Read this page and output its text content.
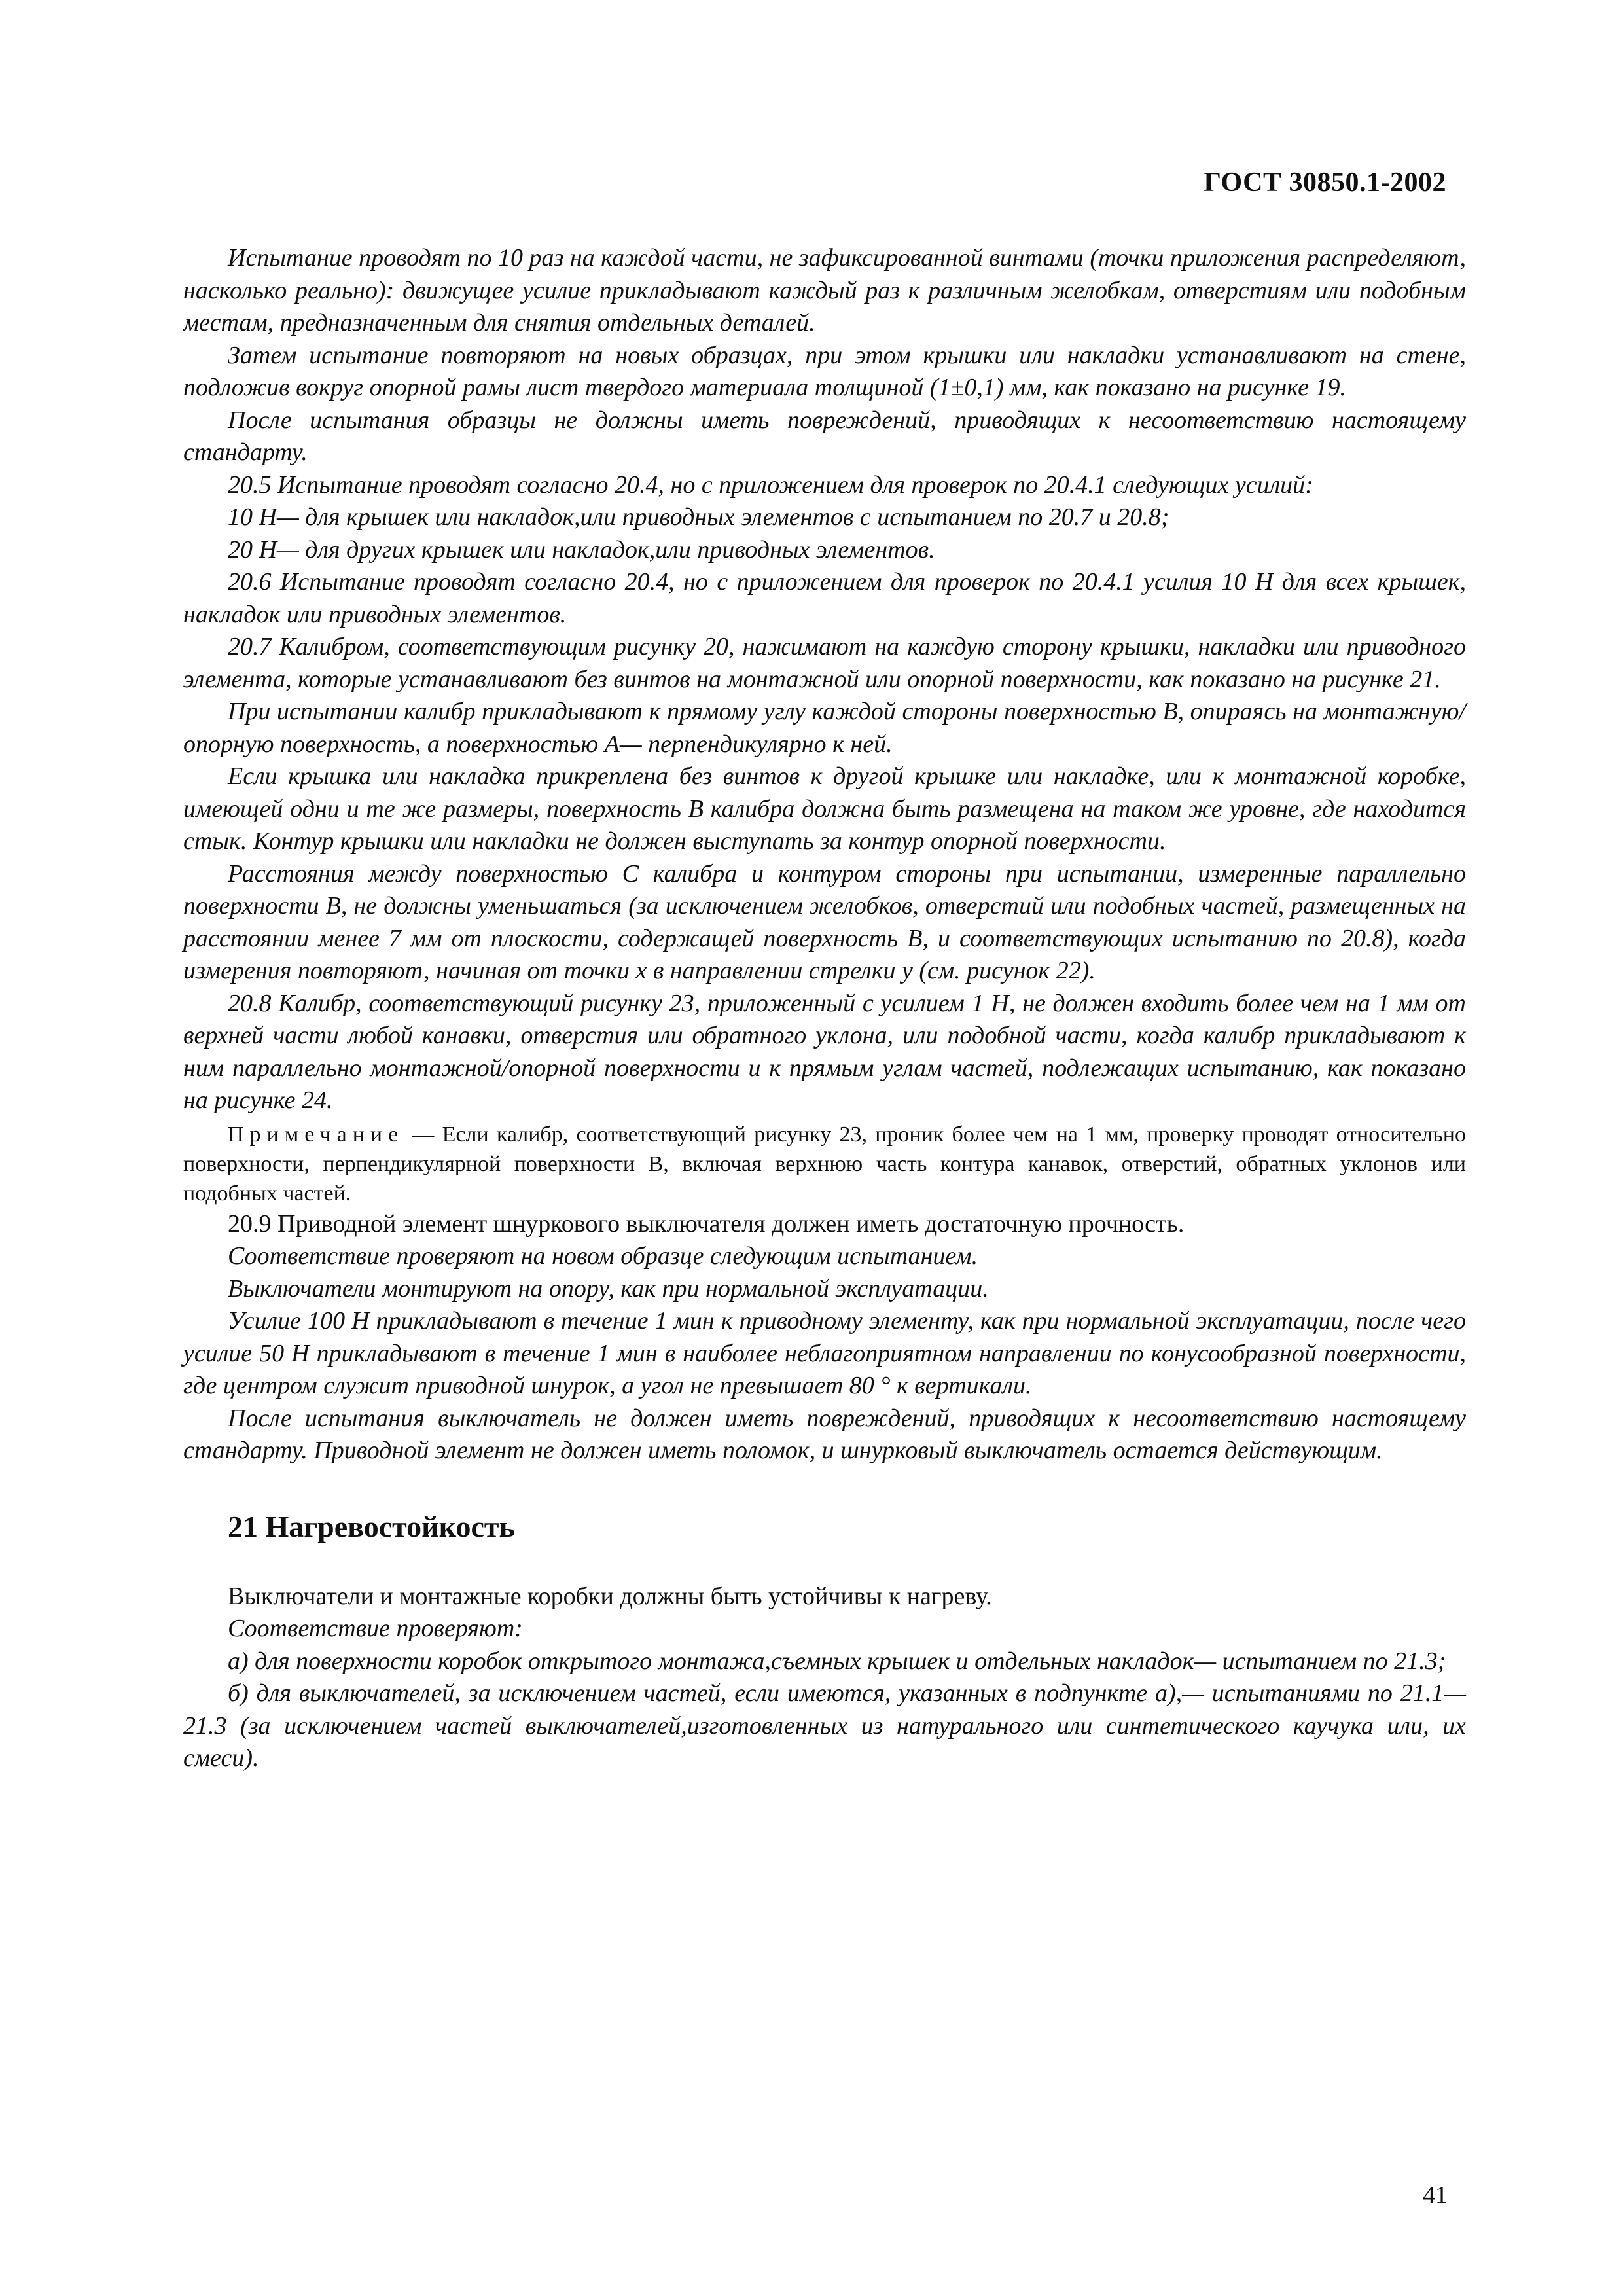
ГОСТ 30850.1-2002

Испытание проводят по 10 раз на каждой части, не зафиксированной винтами (точки приложения распределяют, насколько реально): движущее усилие прикладывают каждый раз к различным желобкам, отверстиям или подобным местам, предназначенным для снятия отдельных деталей.

Затем испытание повторяют на новых образцах, при этом крышки или накладки устанавливают на стене, подложив вокруг опорной рамы лист твердого материала толщиной (1±0,1) мм, как показано на рисунке 19.

После испытания образцы не должны иметь повреждений, приводящих к несоответствию настоящему стандарту.

20.5 Испытание проводят согласно 20.4, но с приложением для проверок по 20.4.1 следующих усилий:

10 Н— для крышек или накладок,или приводных элементов с испытанием по 20.7 и 20.8;

20 Н— для других крышек или накладок,или приводных элементов.

20.6 Испытание проводят согласно 20.4, но с приложением для проверок по 20.4.1 усилия 10 Н для всех крышек, накладок или приводных элементов.

20.7 Калибром, соответствующим рисунку 20, нажимают на каждую сторону крышки, накладки или приводного элемента, которые устанавливают без винтов на монтажной или опорной поверхности, как показано на рисунке 21.

При испытании калибр прикладывают к прямому углу каждой стороны поверхностью В, опираясь на монтажную/опорную поверхность, а поверхностью А— перпендикулярно к ней.

Если крышка или накладка прикреплена без винтов к другой крышке или накладке, или к монтажной коробке, имеющей одни и те же размеры, поверхность В калибра должна быть размещена на таком же уровне, где находится стык. Контур крышки или накладки не должен выступать за контур опорной поверхности.

Расстояния между поверхностью С калибра и контуром стороны при испытании, измеренные параллельно поверхности В, не должны уменьшаться (за исключением желобков, отверстий или подобных частей, размещенных на расстоянии менее 7 мм от плоскости, содержащей поверхность В, и соответствующих испытанию по 20.8), когда измерения повторяют, начиная от точки х в направлении стрелки у (см. рисунок 22).

20.8 Калибр, соответствующий рисунку 23, приложенный с усилием 1 Н, не должен входить более чем на 1 мм от верхней части любой канавки, отверстия или обратного уклона, или подобной части, когда калибр прикладывают к ним параллельно монтажной/опорной поверхности и к прямым углам частей, подлежащих испытанию, как показано на рисунке 24.

Примечание — Если калибр, соответствующий рисунку 23, проник более чем на 1 мм, проверку проводят относительно поверхности, перпендикулярной поверхности В, включая верхнюю часть контура канавок, отверстий, обратных уклонов или подобных частей.

20.9 Приводной элемент шнуркового выключателя должен иметь достаточную прочность.

Соответствие проверяют на новом образце следующим испытанием.

Выключатели монтируют на опору, как при нормальной эксплуатации.

Усилие 100 Н прикладывают в течение 1 мин к приводному элементу, как при нормальной эксплуатации, после чего усилие 50 Н прикладывают в течение 1 мин в наиболее неблагоприятном направлении по конусообразной поверхности, где центром служит приводной шнурок, а угол не превышает 80 ° к вертикали.

После испытания выключатель не должен иметь повреждений, приводящих к несоответствию настоящему стандарту. Приводной элемент не должен иметь поломок, и шнурковый выключатель остается действующим.

21 Нагревостойкость

Выключатели и монтажные коробки должны быть устойчивы к нагреву.

Соответствие проверяют:

а) для поверхности коробок открытого монтажа,съемных крышек и отдельных накладок— испытанием по 21.3;

б) для выключателей, за исключением частей, если имеются, указанных в подпункте а),— испытаниями по 21.1— 21.3 (за исключением частей выключателей,изготовленных из натурального или синтетического каучука или, их смеси).

41
